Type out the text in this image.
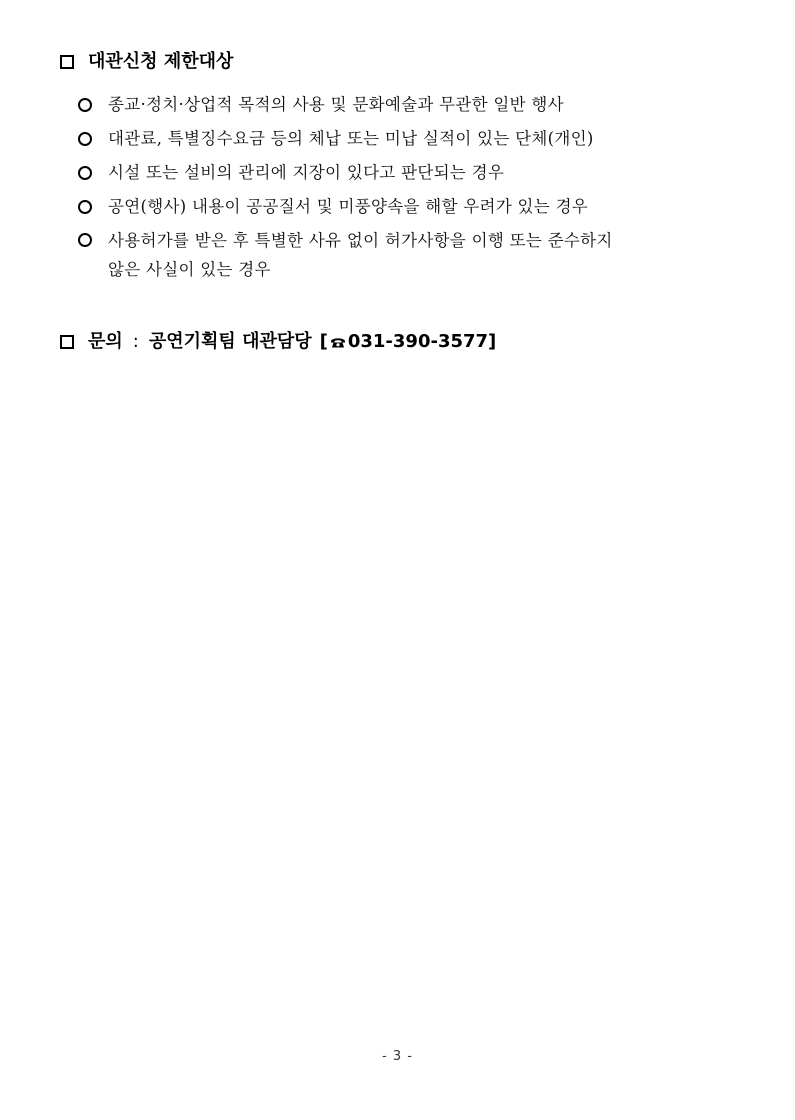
대관신청 제한대상
종교·정치·상업적 목적의 사용 및 문화예술과 무관한 일반 행사
대관료, 특별징수요금 등의 체납 또는 미납 실적이 있는 단체(개인)
시설 또는 설비의 관리에 지장이 있다고 판단되는 경우
공연(행사) 내용이 공공질서 및 미풍양속을 해할 우려가 있는 경우
사용허가를 받은 후 특별한 사유 없이 허가사항을 이행 또는 준수하지
않은 사실이 있는 경우
문의 : 공연기획팀 대관담당 [ 031-390-3577 ]
- 3 -
